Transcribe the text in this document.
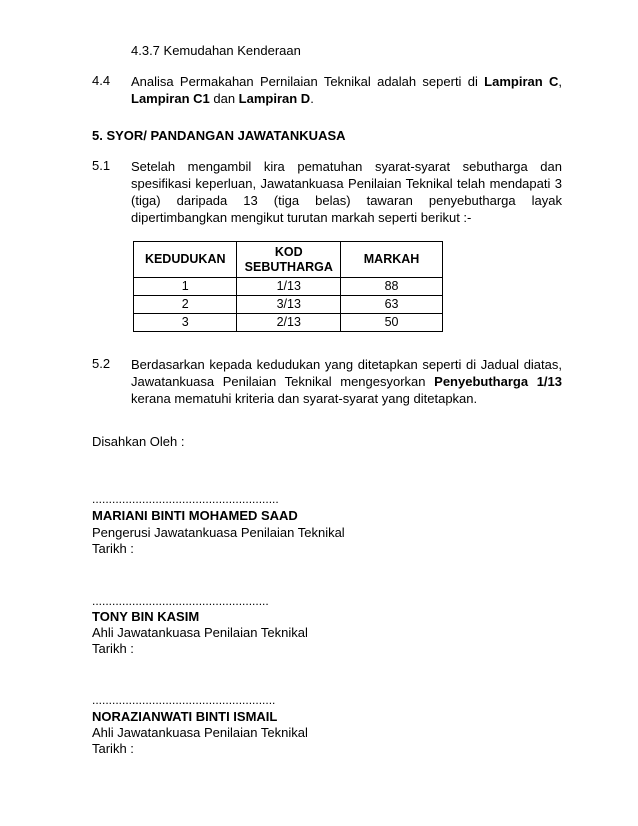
4.3.7 Kemudahan Kenderaan
4.4 Analisa Permakahan Pernilaian Teknikal adalah seperti di Lampiran C, Lampiran C1 dan Lampiran D.
5. SYOR/ PANDANGAN JAWATANKUASA
5.1 Setelah mengambil kira pematuhan syarat-syarat sebutharga dan spesifikasi keperluan, Jawatankuasa Penilaian Teknikal telah mendapati 3 (tiga) daripada 13 (tiga belas) tawaran penyebutharga layak dipertimbangkan mengikut turutan markah seperti berikut :-
KEDUDUKAN	KOD SEBUTHARGA	MARKAH
1	1/13	88
2	3/13	63
3	2/13	50
5.2 Berdasarkan kepada kedudukan yang ditetapkan seperti di Jadual diatas, Jawatankuasa Penilaian Teknikal mengesyorkan Penyebutharga 1/13 kerana mematuhi kriteria dan syarat-syarat yang ditetapkan.
Disahkan Oleh :
........................................................
MARIANI BINTI MOHAMED SAAD
Pengerusi Jawatankuasa Penilaian Teknikal
Tarikh :
.....................................................
TONY BIN KASIM
Ahli Jawatankuasa Penilaian Teknikal
Tarikh :
.......................................................
NORAZIANWATI BINTI ISMAIL
Ahli Jawatankuasa Penilaian Teknikal
Tarikh :
